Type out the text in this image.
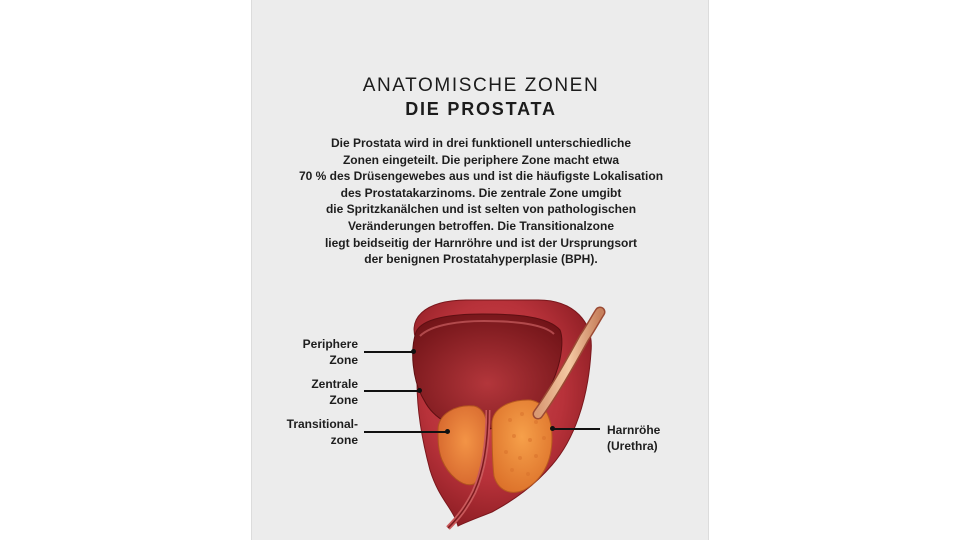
ANATOMISCHE ZONEN
DIE PROSTATA
Die Prostata wird in drei funktionell unterschiedliche
Zonen eingeteilt. Die periphere Zone macht etwa
70 % des Drüsengewebes aus und ist die häufigste Lokalisation
des Prostatakarzinoms. Die zentrale Zone umgibt
die Spritzkanälchen und ist selten von pathologischen
Veränderungen betroffen. Die Transitionalzone
liegt beidseitig der Harnröhre und ist der Ursprungsort
der benignen Prostatahyperplasie (BPH).
Periphere
Zone
Zentrale
Zone
Transitional-
zone
Harnröhe
(Urethra)
